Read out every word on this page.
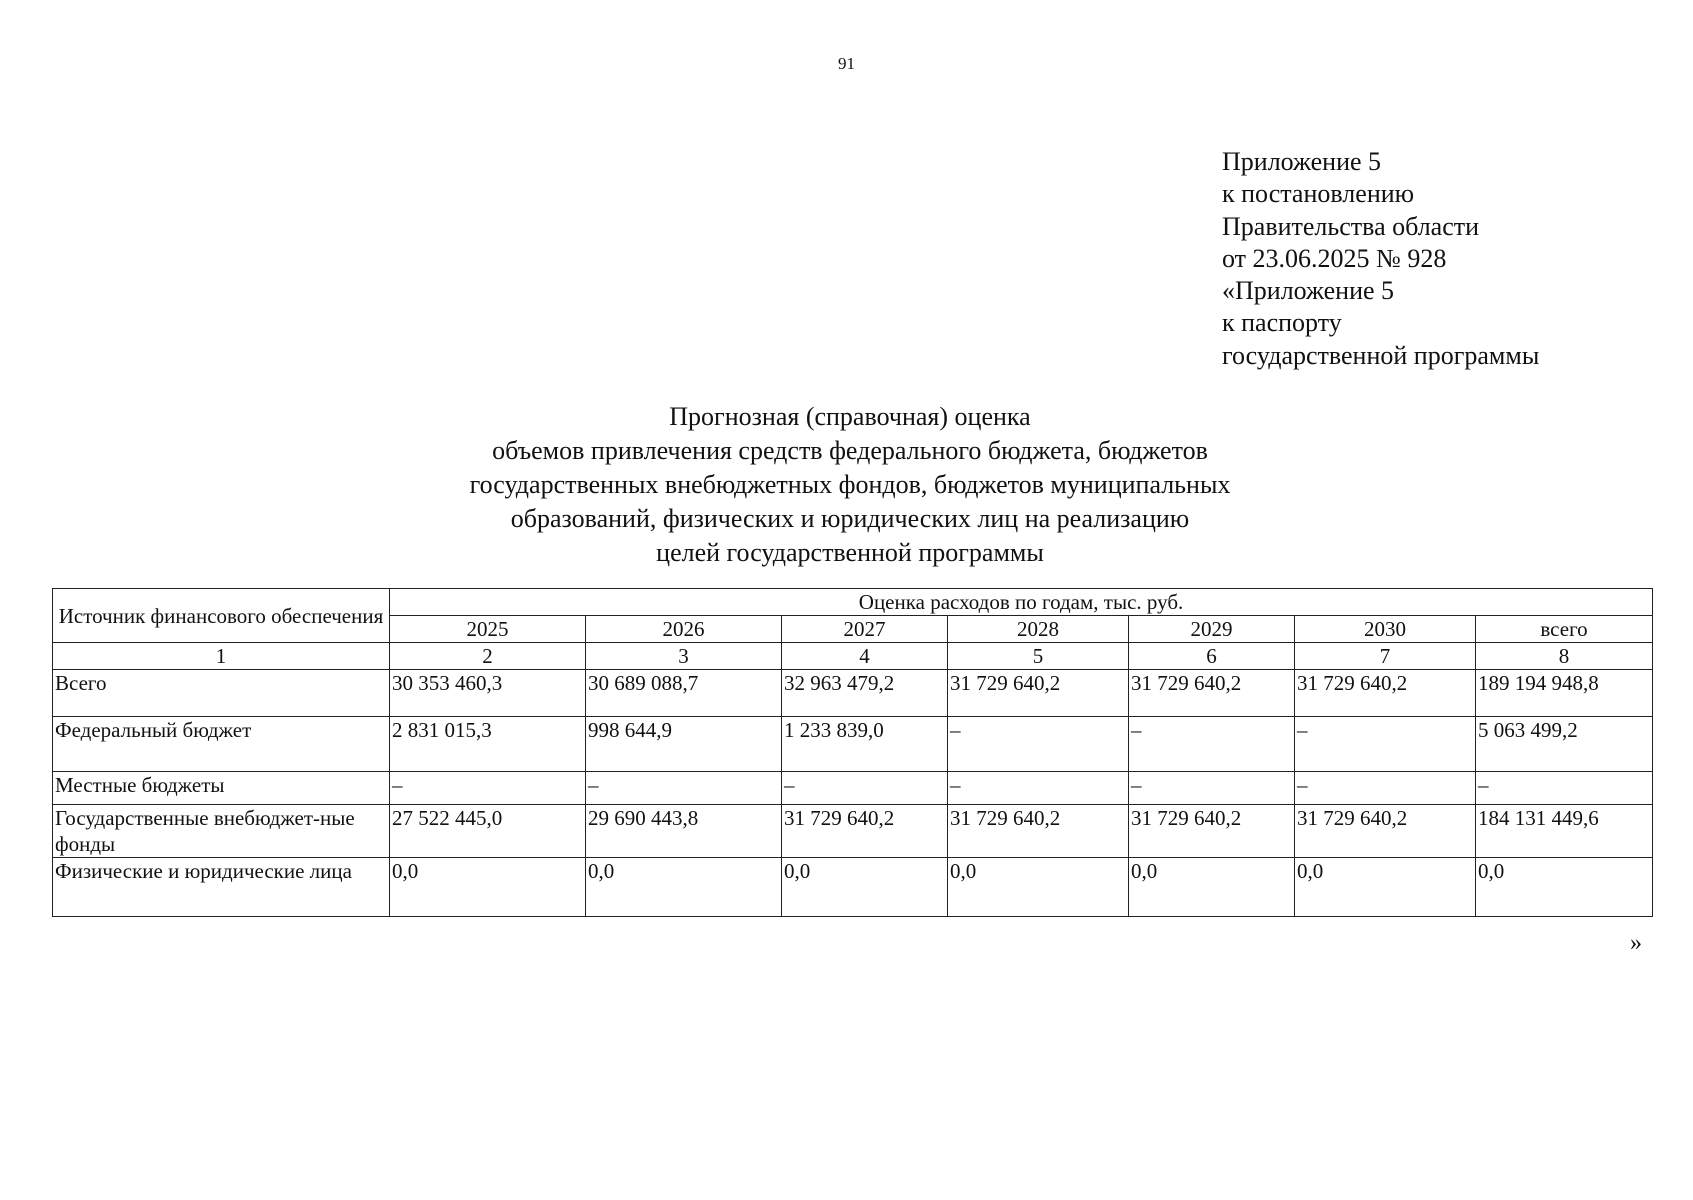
91
Приложение 5
к постановлению
Правительства области
от 23.06.2025 № 928
«Приложение 5
к паспорту
государственной программы
Прогнозная (справочная) оценка
объемов привлечения средств федерального бюджета, бюджетов
государственных внебюджетных фондов, бюджетов муниципальных
образований, физических и юридических лиц на реализацию
целей государственной программы
Источник финансового обеспечения	Оценка расходов по годам, тыс. руб.						
	2025	2026	2027	2028	2029	2030	всего
1	2	3	4	5	6	7	8
Всего	30 353 460,3	30 689 088,7	32 963 479,2	31 729 640,2	31 729 640,2	31 729 640,2	189 194 948,8
Федеральный бюджет	2 831 015,3	998 644,9	1 233 839,0	–	–	–	5 063 499,2
Местные бюджеты	–	–	–	–	–	–	–
Государственные внебюджет-ные фонды	27 522 445,0	29 690 443,8	31 729 640,2	31 729 640,2	31 729 640,2	31 729 640,2	184 131 449,6
Физические и юридические лица	0,0	0,0	0,0	0,0	0,0	0,0	0,0
»
